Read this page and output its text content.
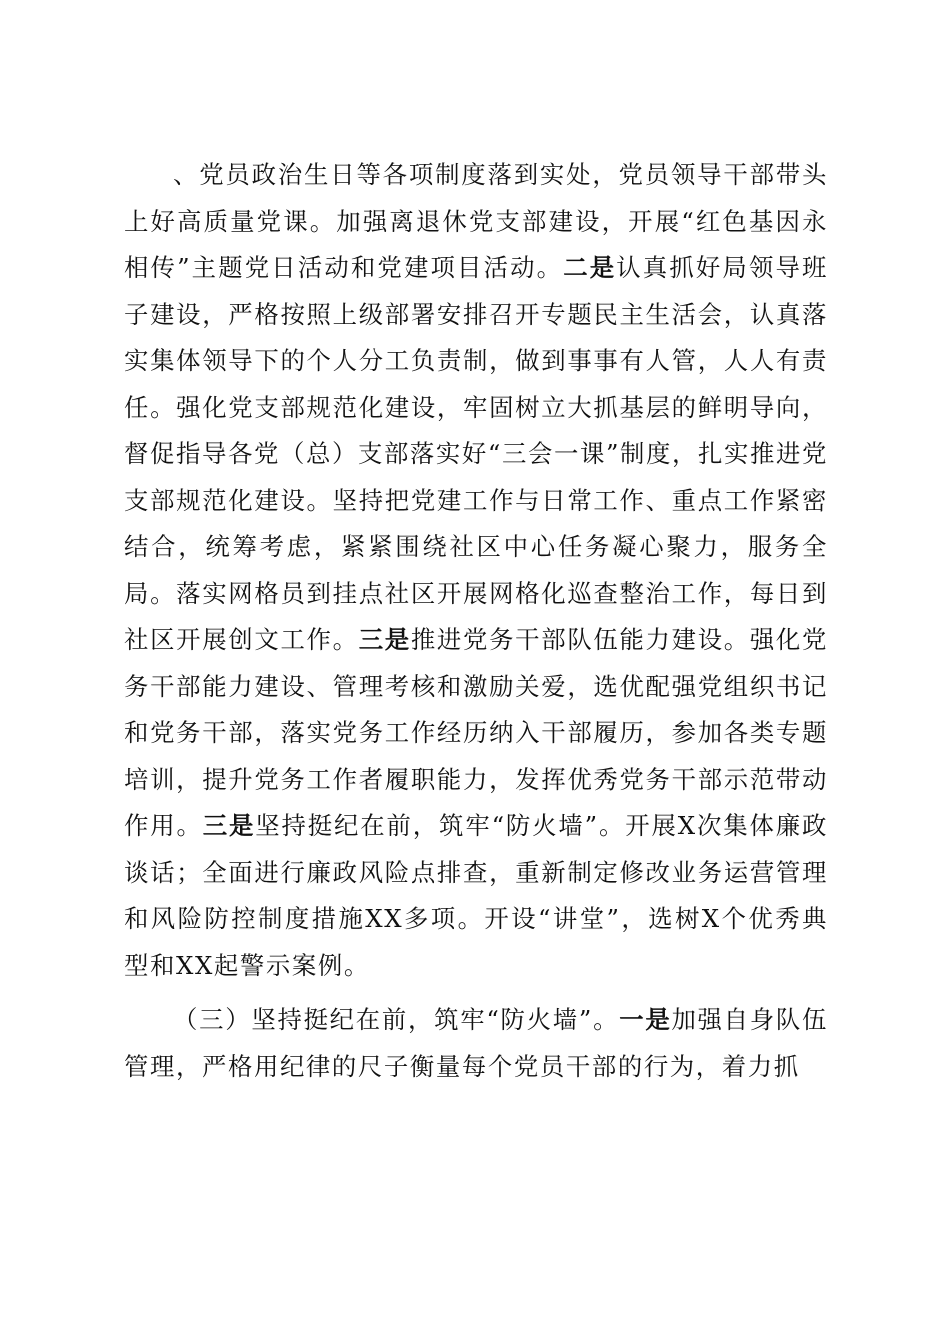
、党员政治生日等各项制度落到实处，党员领导干部带头上好高质量党课。加强离退休党支部建设，开展“红色基因永相传”主题党日活动和党建项目活动。二是认真抓好局领导班子建设，严格按照上级部署安排召开专题民主生活会，认真落实集体领导下的个人分工负责制，做到事事有人管，人人有责任。强化党支部规范化建设，牢固树立大抓基层的鲜明导向，督促指导各党（总）支部落实好“三会一课”制度，扎实推进党支部规范化建设。坚持把党建工作与日常工作、重点工作紧密结合，统筹考虑，紧紧围绕社区中心任务凝心聚力，服务全局。落实网格员到挂点社区开展网格化巡查整治工作，每日到社区开展创文工作。三是推进党务干部队伍能力建设。强化党务干部能力建设、管理考核和激励关爱，选优配强党组织书记和党务干部，落实党务工作经历纳入干部履历，参加各类专题培训，提升党务工作者履职能力，发挥优秀党务干部示范带动作用。三是坚持挺纪在前，筑牢“防火墙”。开展X次集体廉政谈话；全面进行廉政风险点排查，重新制定修改业务运营管理和风险防控制度措施XX多项。开设“讲堂”，选树X个优秀典型和XX起警示案例。

（三）坚持挺纪在前，筑牢“防火墙”。一是加强自身队伍管理，严格用纪律的尺子衡量每个党员干部的行为，着力抓
